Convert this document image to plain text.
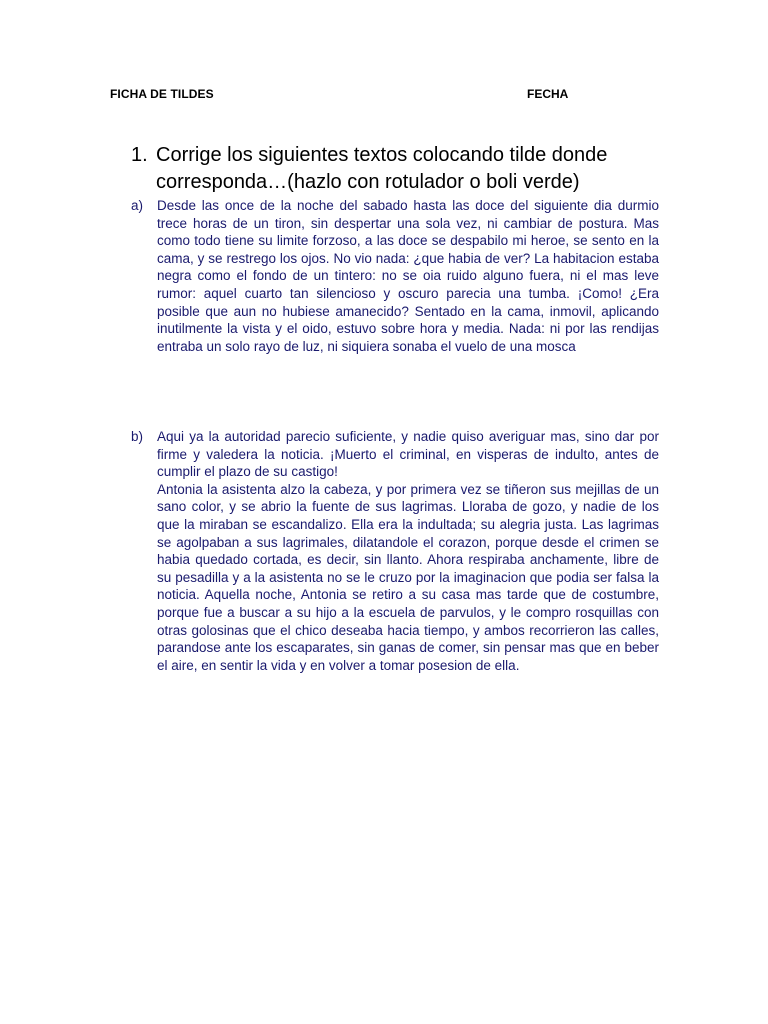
FICHA DE TILDES	FECHA
1. Corrige los siguientes textos colocando tilde donde corresponda…(hazlo con rotulador o boli verde)
a) Desde las once de la noche del sabado hasta las doce del siguiente dia durmio trece horas de un tiron, sin despertar una sola vez, ni cambiar de postura. Mas como todo tiene su limite forzoso, a las doce se despabilo mi heroe, se sento en la cama, y se restrego los ojos. No vio nada: ¿que habia de ver? La habitacion estaba negra como el fondo de un tintero: no se oia ruido alguno fuera, ni el mas leve rumor: aquel cuarto tan silencioso y oscuro parecia una tumba. ¡Como! ¿Era posible que aun no hubiese amanecido? Sentado en la cama, inmovil, aplicando inutilmente la vista y el oido, estuvo sobre hora y media. Nada: ni por las rendijas entraba un solo rayo de luz, ni siquiera sonaba el vuelo de una mosca

b) Aqui ya la autoridad parecio suficiente, y nadie quiso averiguar mas, sino dar por firme y valedera la noticia. ¡Muerto el criminal, en visperas de indulto, antes de cumplir el plazo de su castigo!

Antonia la asistenta alzo la cabeza, y por primera vez se tiñeron sus mejillas de un sano color, y se abrio la fuente de sus lagrimas. Lloraba de gozo, y nadie de los que la miraban se escandalizo. Ella era la indultada; su alegria justa. Las lagrimas se agolpaban a sus lagrimales, dilatandole el corazon, porque desde el crimen se habia quedado cortada, es decir, sin llanto. Ahora respiraba anchamente, libre de su pesadilla y a la asistenta no se le cruzo por la imaginacion que podia ser falsa la noticia. Aquella noche, Antonia se retiro a su casa mas tarde que de costumbre, porque fue a buscar a su hijo a la escuela de parvulos, y le compro rosquillas con otras golosinas que el chico deseaba hacia tiempo, y ambos recorrieron las calles, parandose ante los escaparates, sin ganas de comer, sin pensar mas que en beber el aire, en sentir la vida y en volver a tomar posesion de ella.
